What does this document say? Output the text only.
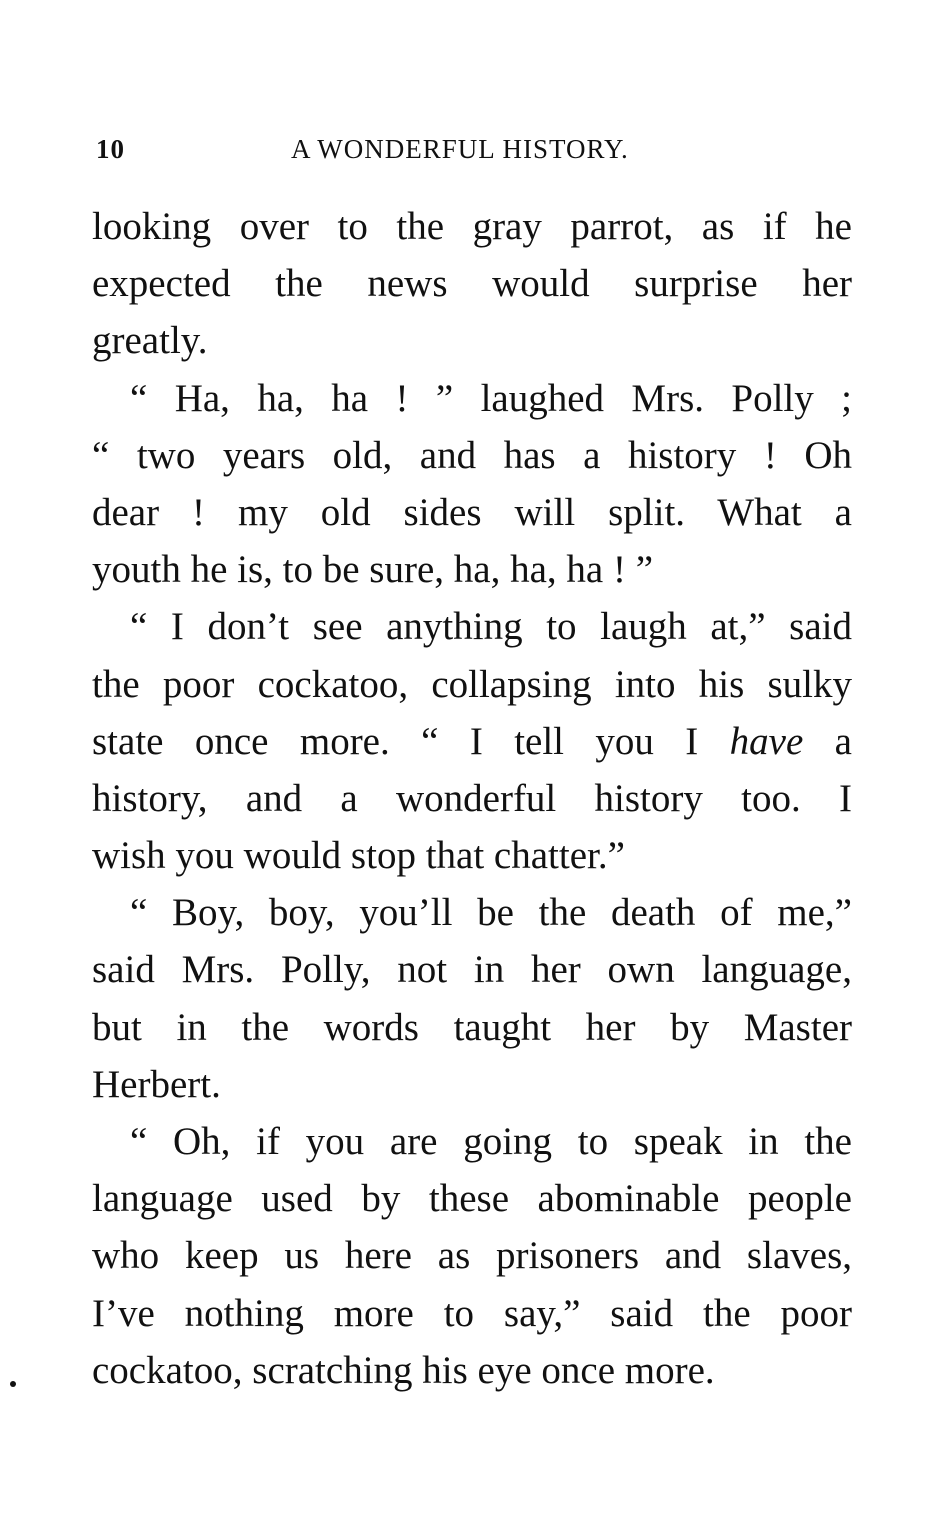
10	A WONDERFUL HISTORY.
looking over to the gray parrot, as if he
expected the news would surprise her
greatly.
“ Ha, ha, ha ! ” laughed Mrs. Polly ;
“ two years old, and has a history ! Oh
dear ! my old sides will split. What a
youth he is, to be sure, ha, ha, ha ! ”
“ I don’t see anything to laugh at,” said
the poor cockatoo, collapsing into his sulky
state once more. “ I tell you I have a
history, and a wonderful history too. I
wish you would stop that chatter.”
“ Boy, boy, you’ll be the death of me,”
said Mrs. Polly, not in her own language,
but in the words taught her by Master
Herbert.
“ Oh, if you are going to speak in the
language used by these abominable people
who keep us here as prisoners and slaves,
I’ve nothing more to say,” said the poor
cockatoo, scratching his eye once more.
